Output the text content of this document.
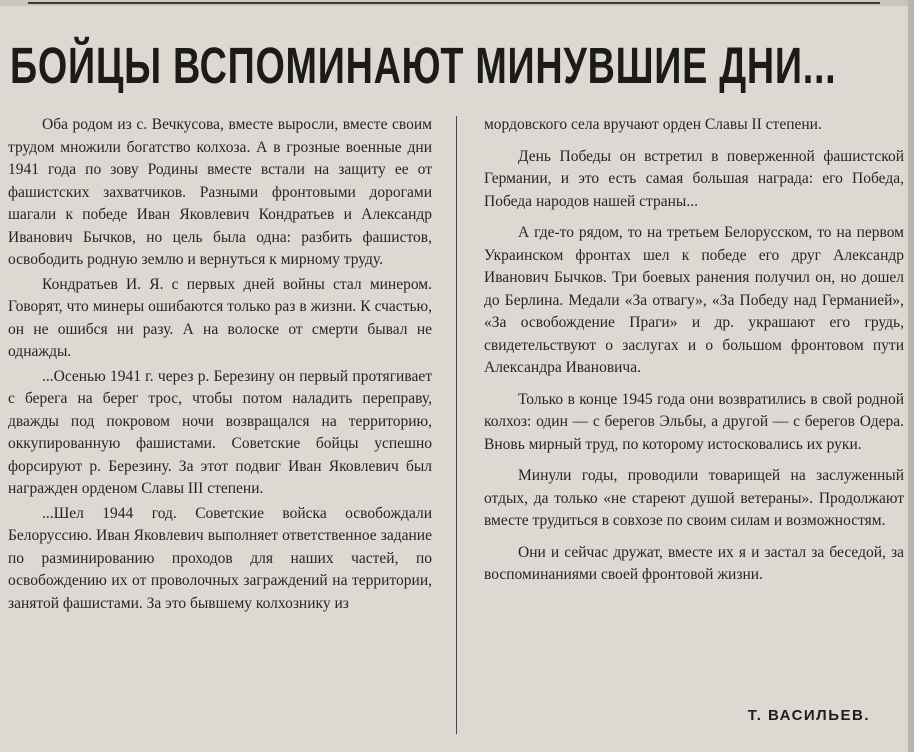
БОЙЦЫ ВСПОМИНАЮТ МИНУВШИЕ ДНИ...

Оба родом из с. Вечкусова, вместе выросли, вместе своим трудом множили богатство колхоза. А в грозные военные дни 1941 года по зову Родины вместе встали на защиту ее от фашистских захватчиков. Разными фронтовыми дорогами шагали к победе Иван Яковлевич Кондратьев и Александр Иванович Бычков, но цель была одна: разбить фашистов, освободить родную землю и вернуться к мирному труду.

Кондратьев И. Я. с первых дней войны стал минером. Говорят, что минеры ошибаются только раз в жизни. К счастью, он не ошибся ни разу. А на волоске от смерти бывал не однажды.

...Осенью 1941 г. через р. Березину он первый протягивает с берега на берег трос, чтобы потом наладить переправу, дважды под покровом ночи возвращался на территорию, оккупированную фашистами. Советские бойцы успешно форсируют р. Березину. За этот подвиг Иван Яковлевич был награжден орденом Славы III степени.

...Шел 1944 год. Советские войска освобождали Белоруссию. Иван Яковлевич выполняет ответственное задание по разминированию проходов для наших частей, по освобождению их от проволочных заграждений на территории, занятой фашистами. За это бывшему колхознику из

мордовского села вручают орден Славы II степени.

День Победы он встретил в поверженной фашистской Германии, и это есть самая большая награда: его Победа, Победа народов нашей страны...

А где-то рядом, то на третьем Белорусском, то на первом Украинском фронтах шел к победе его друг Александр Иванович Бычков. Три боевых ранения получил он, но дошел до Берлина. Медали «За отвагу», «За Победу над Германией», «За освобождение Праги» и др. украшают его грудь, свидетельствуют о заслугах и о большом фронтовом пути Александра Ивановича.

Только в конце 1945 года они возвратились в свой родной колхоз: один — с берегов Эльбы, а другой — с берегов Одера. Вновь мирный труд, по которому истосковались их руки.

Минули годы, проводили товарищей на заслуженный отдых, да только «не стареют душой ветераны». Продолжают вместе трудиться в совхозе по своим силам и возможностям.

Они и сейчас дружат, вместе их я и застал за беседой, за воспоминаниями своей фронтовой жизни.

Т. ВАСИЛЬЕВ.
